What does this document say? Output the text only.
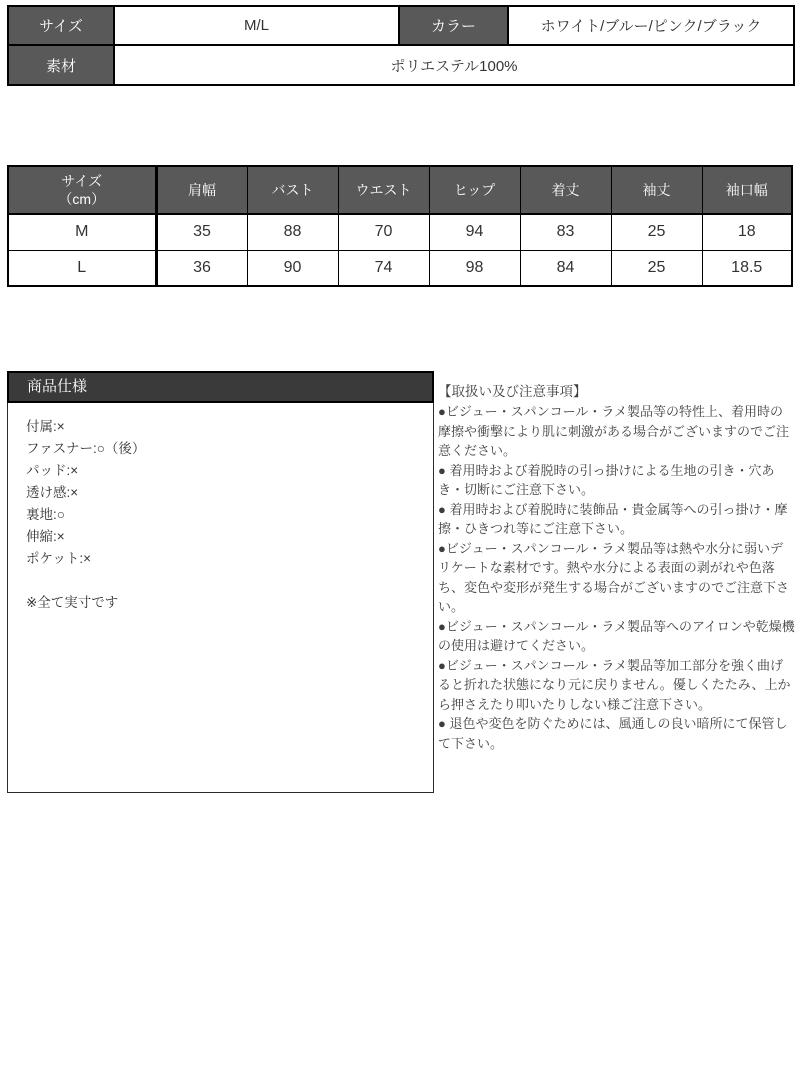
サイズ	M/L	カラー	ホワイト/ブルー/ピンク/ブラック
素材	ポリエステル100%		
サイズ
（cm）	肩幅	バスト	ウエスト	ヒップ	着丈	袖丈	袖口幅
M	35	88	70	94	83	25	18
L	36	90	74	98	84	25	18.5
商品仕様
付属:×
ファスナー:○（後）
パッド:×
透け感:×
裏地:○
伸縮:×
ポケット:×
※全て実寸です
【取扱い及び注意事項】

●ビジュー・スパンコール・ラメ製品等の特性上、着用時の摩擦や衝撃により肌に刺激がある場合がございますのでご注意ください。

● 着用時および着脱時の引っ掛けによる生地の引き・穴あき・切断にご注意下さい。

● 着用時および着脱時に装飾品・貴金属等への引っ掛け・摩擦・ひきつれ等にご注意下さい。

●ビジュー・スパンコール・ラメ製品等は熱や水分に弱いデリケートな素材です。熱や水分による表面の剥がれや色落ち、変色や変形が発生する場合がございますのでご注意下さい。

●ビジュー・スパンコール・ラメ製品等へのアイロンや乾燥機の使用は避けてください。

●ビジュー・スパンコール・ラメ製品等加工部分を強く曲げると折れた状態になり元に戻りません。優しくたたみ、上から押さえたり叩いたりしない様ご注意下さい。

● 退色や変色を防ぐためには、風通しの良い暗所にて保管して下さい。
